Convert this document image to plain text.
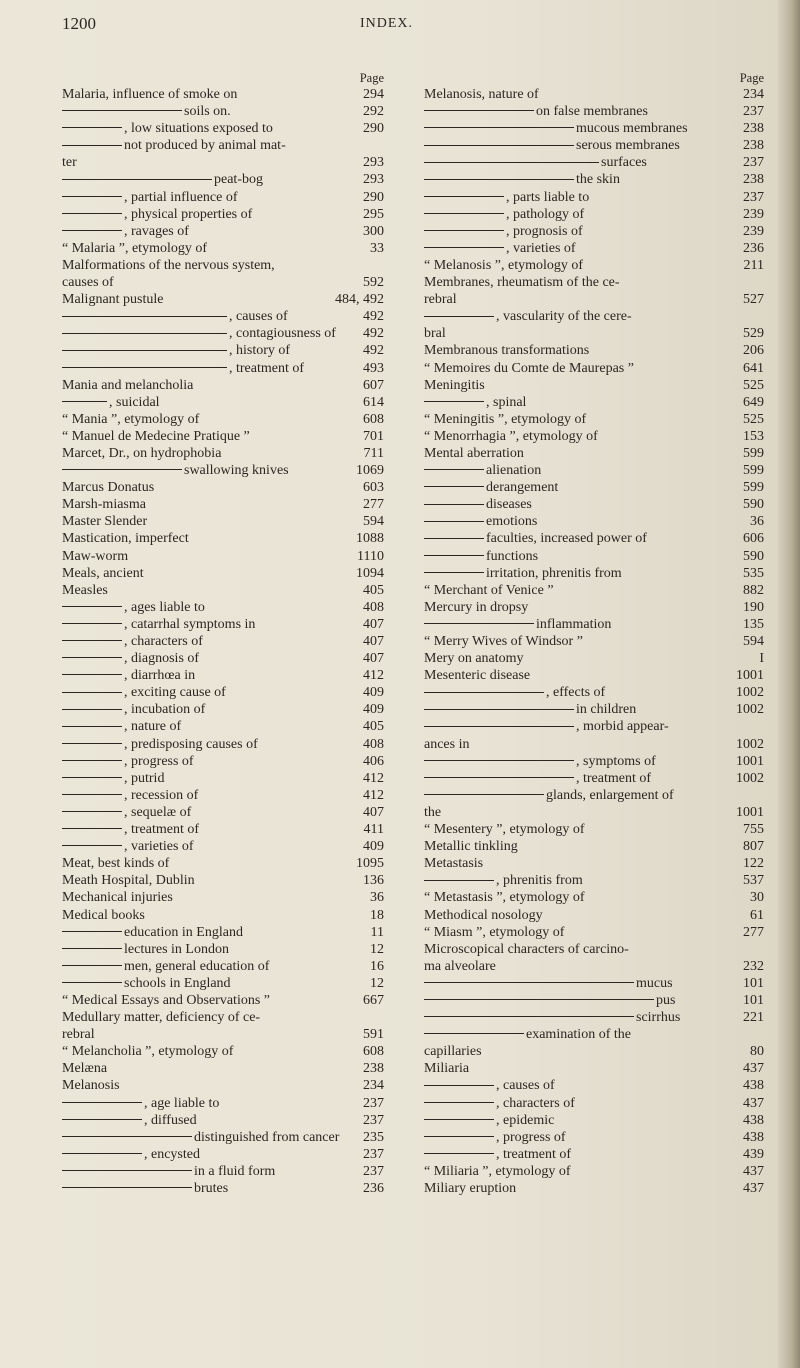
1200	INDEX.
Page
Malaria, influence of smoke on	294
soils on.	292
, low situations exposed to	290
not produced by animal mat-
ter	293
peat-bog	293
, partial influence of	290
, physical properties of	295
, ravages of	300
“ Malaria ”, etymology of	33
Malformations of the nervous system,
causes of	592
Malignant pustule	484, 492
, causes of	492
, contagiousness of 492
, history of	492
, treatment of	493
Mania and melancholia	607
, suicidal	614
“ Mania ”, etymology of	608
“ Manuel de Medecine Pratique ”	701
Marcet, Dr., on hydrophobia	711
swallowing knives	1069
Marcus Donatus	603
Marsh-miasma	277
Master Slender	594
Mastication, imperfect	1088
Maw-worm	1110
Meals, ancient	1094
Measles	405
, ages liable to	408
, catarrhal symptoms in	407
, characters of	407
, diagnosis of	407
, diarrhœa in	412
, exciting cause of	409
, incubation of	409
, nature of	405
, predisposing causes of	408
, progress of	406
, putrid	412
, recession of	412
, sequelæ of	407
, treatment of	411
, varieties of	409
Meat, best kinds of	1095
Meath Hospital, Dublin	136
Mechanical injuries	36
Medical books	18
education in England	11
lectures in London	12
men, general education of	16
schools in England	12
“ Medical Essays and Observations ”	667
Medullary matter, deficiency of ce-
rebral	591
“ Melancholia ”, etymology of	608
Melæna	238
Melanosis	234
, age liable to	237
, diffused	237
distinguished from cancer 235
, encysted	237
in a fluid form	237
brutes	236
Page
Melanosis, nature of	234
on false membranes	237
mucous membranes	238
serous membranes	238
surfaces	237
the skin	238
, parts liable to	237
, pathology of	239
, prognosis of	239
, varieties of	236
“ Melanosis ”, etymology of	211
Membranes, rheumatism of the ce-
rebral	527
, vascularity of the cere-
bral	529
Membranous transformations	206
“ Memoires du Comte de Maurepas ”	641
Meningitis	525
, spinal	649
“ Meningitis ”, etymology of	525
“ Menorrhagia ”, etymology of	153
Mental aberration	599
alienation	599
derangement	599
diseases	590
emotions	36
faculties, increased power of	606
functions	590
irritation, phrenitis from	535
“ Merchant of Venice ”	882
Mercury in dropsy	190
inflammation	135
“ Merry Wives of Windsor ”	594
Mery on anatomy	I
Mesenteric disease	1001
, effects of	1002
in children	1002
, morbid appear-
ances in	1002
, symptoms of	1001
, treatment of	1002
glands, enlargement of
the	1001
“ Mesentery ”, etymology of	755
Metallic tinkling	807
Metastasis	122
, phrenitis from	537
“ Metastasis ”, etymology of	30
Methodical nosology	61
“ Miasm ”, etymology of	277
Microscopical characters of carcino-
ma alveolare	232
mucus	101
pus	101
scirrhus	221
examination of the
capillaries	80
Miliaria	437
, causes of	438
, characters of	437
, epidemic	438
, progress of	438
, treatment of	439
“ Miliaria ”, etymology of	437
Miliary eruption	437
